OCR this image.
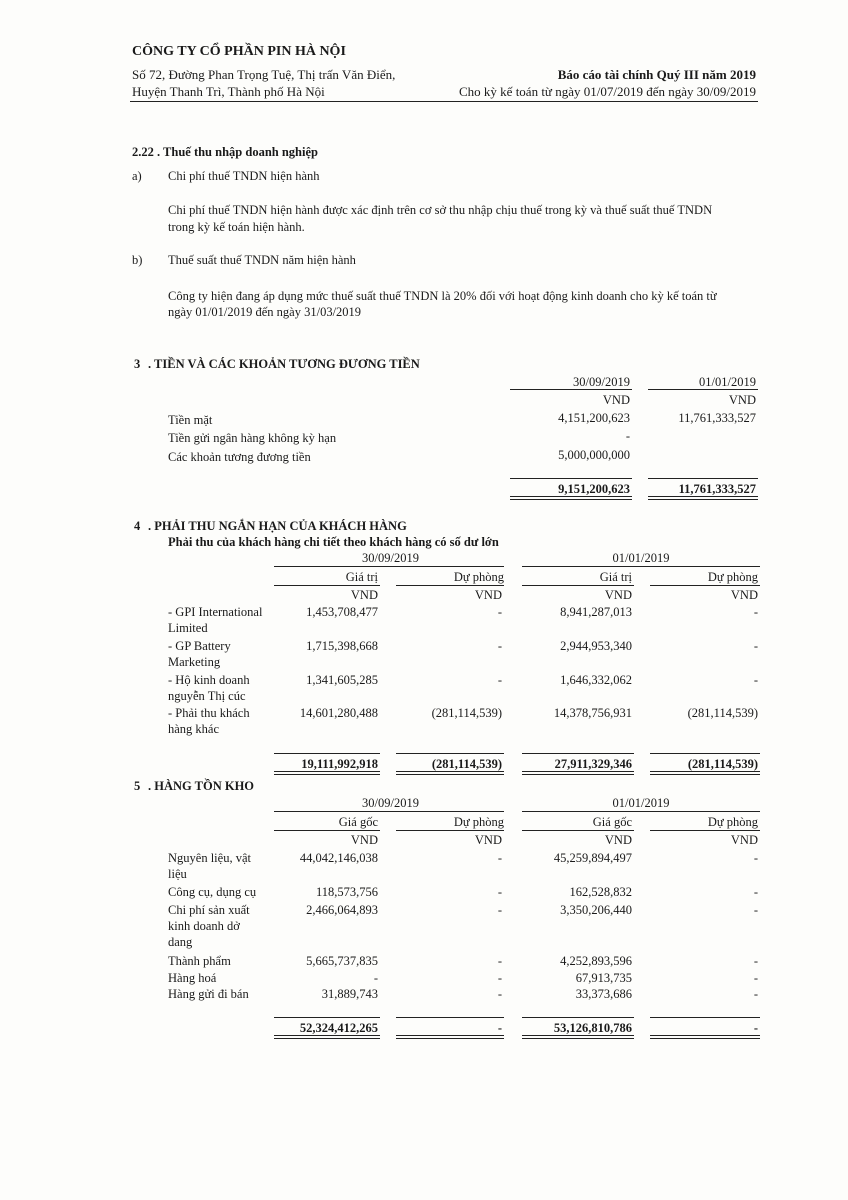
CÔNG TY CỔ PHẦN PIN HÀ NỘI
Số 72, Đường Phan Trọng Tuệ, Thị trấn Văn Điển,
Huyện Thanh Trì, Thành phố Hà Nội
Báo cáo tài chính Quý III năm 2019
Cho kỳ kế toán từ ngày 01/07/2019 đến ngày 30/09/2019
2.22 . Thuế thu nhập doanh nghiệp
a) Chi phí thuế TNDN hiện hành
Chi phí thuế TNDN hiện hành được xác định trên cơ sở thu nhập chịu thuế trong kỳ và thuế suất thuế TNDN
trong kỳ kế toán hiện hành.
b) Thuế suất thuế TNDN năm hiện hành
Công ty hiện đang áp dụng mức thuế suất thuế TNDN là 20% đối với hoạt động kinh doanh cho kỳ kế toán từ
ngày 01/01/2019 đến ngày 31/03/2019
3 . TIỀN VÀ CÁC KHOẢN TƯƠNG ĐƯƠNG TIỀN
30/09/2019	01/01/2019
VND	VND
Tiền mặt	4,151,200,623	11,761,333,527
Tiền gửi ngân hàng không kỳ hạn	-
Các khoản tương đương tiền	5,000,000,000
9,151,200,623	11,761,333,527
4 . PHẢI THU NGẮN HẠN CỦA KHÁCH HÀNG
Phải thu của khách hàng chi tiết theo khách hàng có số dư lớn
30/09/2019	01/01/2019
Giá trị	Dự phòng	Giá trị	Dự phòng
VND	VND	VND	VND
- GPI International
Limited
1,453,708,477	-	8,941,287,013	-
- GP Battery
Marketing
1,715,398,668	-	2,944,953,340	-
- Hộ kinh doanh
nguyễn Thị cúc
1,341,605,285	-	1,646,332,062	-
- Phải thu khách
hàng khác
14,601,280,488	(281,114,539)	14,378,756,931	(281,114,539)
19,111,992,918	(281,114,539)	27,911,329,346	(281,114,539)
5 . HÀNG TỒN KHO
30/09/2019	01/01/2019
Giá gốc	Dự phòng	Giá gốc	Dự phòng
VND	VND	VND	VND
Nguyên liệu, vật
liệu
44,042,146,038	-	45,259,894,497	-
Công cụ, dụng cụ	118,573,756	-	162,528,832	-
Chi phí sản xuất
kinh doanh dở
dang
2,466,064,893	-	3,350,206,440	-
Thành phẩm	5,665,737,835	-	4,252,893,596	-
Hàng hoá	-	-	67,913,735	-
Hàng gửi đi bán	31,889,743	-	33,373,686	-
52,324,412,265	-	53,126,810,786	-
